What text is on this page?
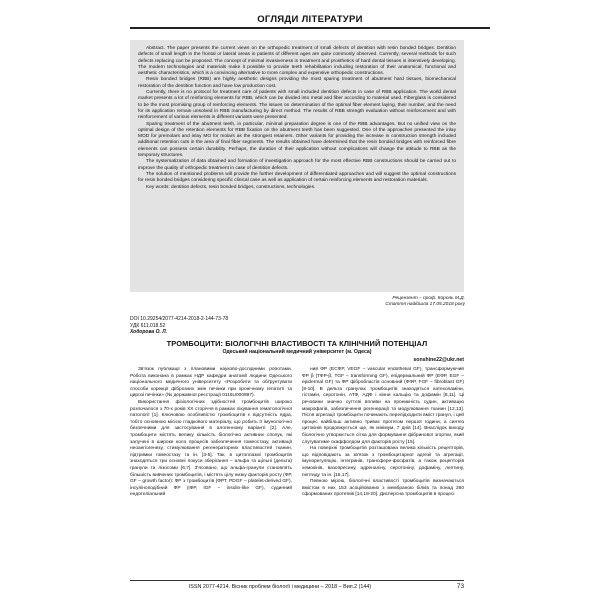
ОГЛЯДИ ЛІТЕРАТУРИ

Abstract. The paper presents the current views on the orthopedic treatment of small defects of dentition with resin bonded bridges. Dentition defects of small length in the frontal or lateral areas in patients of different ages are quite commonly observed. Currently, several methods for such defects replacing can be proposed. The concept of minimal invasiveness in treatment and prosthetics of hard dental tissues is intensively developing. The modern technologies and materials make it possible to provide teeth rehabilitation including restoration of their anatomical, functional and aesthetic characteristics, which is a convincing alternative to more complex and expensive orthopedic constructions.

Resin bonded bridges (RBB) are highly aesthetic designs providing the most sparing treatment of abutment hard tissues, biomechanical restoration of the dentition function and have low production cost.

Currently, there is no protocol for treatment care of patients with small included dentition defects in case of RBB application. The world dental market presents a lot of reinforcing elements for RBB, which can be divided into metal and fiber according to material used. Fiberglass is considered to be the most promising group of reinforcing elements. The issues on determination of the optimal fiber element laying, their number, and the need for its application remain unsolved in RBB manufacturing by direct method. The results of RBB strength evaluation without reinforcement and with reinforcement of various elements in different variants were presented.

Sparing treatment of the abutment teeth, in particular, minimal preparation degree is one of the RBB advantages. But no unified view on the optimal design of the retention elements for RBB fixation on the abutment teeth has been suggested. One of the approaches presented the inlay MOD for premolars and inlay MO for molars as the strongest retainers. Other variants for providing the increase in construction strength included additional retention cuts in the area of final fiber segments. The results obtained have determined that the resin bonded bridges with reinforced fibre elements can possess certain durability. Perhaps, the duration of their application without complications will change the attitude to RBB as the temporary structures.

The systematization of data obtained and formation of investigation approach for the most effective RBB constructions should be carried out to improve the quality of orthopedic treatment in case of dentition defects.

The solution of mentioned problems will provide the further development of differentiated approaches and will suggest the optimal constructions for resin bonded bridges considering specific clinical case as well as application of certain reinforcing elements and restoration materials.

Key words: dentition defects, resin bonded bridges, constructions, technologies.

Рецензент – проф. Король М.Д.
Стаття надійшла 17.05.2018 року
DOI 10.29254/2077-4214-2018-2-144-73-78
УДК 611.018.52
Ходорова О. Л.
ТРОМБОЦИТИ: БІОЛОГІЧНІ ВЛАСТИВОСТІ ТА КЛІНІЧНИЙ ПОТЕНЦІАЛ
Одеський національний медичний університет (м. Одеса)
sonshine22@ukr.net

Зв'язок публікації з плановими науково-дослідними роботами. Робота виконана в рамках НДР кафедри анатомії людини Одеського національного медичного університету «Розробити та обґрунтувати способи корекції фіброзних змін печінки при хронічному гепатиті та цирозі печінки» (№ державної реєстрації 0116U000897).

Використання фізіологічних здібностей тромбоцитів широко розпочалося з 70-х років XX сторіччя в рамках лікування гематологічної патології [1]. Ключовою особливістю тромбоцитів є відсутність ядра, тобто основною місією гладкового матеріалу, що робить її імунологічно безпечними для застосування в алогенному варіанті [2]. Але, тромбоцити містять велику кількість біологічно активних сполук, які залучені в широке коло процесів забезпечення гомеостазу, активації неоангіогенезу, стимулювання регенераторних властивостей тканин, підтримки гомеостазу та ін. [3-5]. Так, в цитоплазмі тромбоцитів знаходяться три основні локуси зберігання – альфа та щільні (дельта) гранули та лізосоми [6,7]. З'ясовано, що альфа-гранули становлять більшість вивчених тромбоцитів, і містять цілу низку факторів росту (ФР, GF – growth factor): ФР з тромбоцитів (ФРТ, PDGF – platelet-derived GF), інсуліноподібний ФР (ІФР, IGF – insulin-like GF), судинний ендотеліальний

ний ФР (ЕСФР, VEGF – vascular endothelial GF), трансформуючий ФР β (ТФР-β, TGF – transforming GF), епідермальний ФР (ЕФР, EGF – epidermal GF) та ФР фібробластів основний (ФФР, FGF – fibroblast GF) [8-10]. В дельта гранулах тромбоцитів знаходяться катехоламіни, гістамін, серотонін, АТФ, АДФ і кінни кальцію та дофамін [8,11]. Ці речовини значно суттєві впливи на проникність судин, активацію макрофагів, забезпечення регенерації та модулювання тканин [12,13]. Після агрегації тромбоцити починають перепідходити вміст гранул, і цей процес найбільш активно триває протягом першої години, а синтез цитокінів продовжується ще, як мінімум, 7 днів [14]. Внаслідок виходу біологічно утворюється сітка для формування фібринової згортки, який слугуватиме скаффолдом для факторів росту [15].

На поверхні тромбоцитів розташована велика кількість рецепторів, що відповідають за зв'язок з тромбоцитарної адгезії та агрегації, імунорегуляцію, інтегринів, трансфере-фосфатів, а також рецепторів хемокінів, вазопресину, адреналіну, серотоніну, дофаміну, лептину, пептиду та ін. [16,17].

Певною мірою, біологічні властивості тромбоцитів визначаються вмістом в них 153 асоційованих з мембраною білків та понад 260 сформованих протеїнів [14,18-20]. Дисперсна тромбоцитів в процесі

ISSN 2077-4214. Вісник проблем біології і медицини – 2018 – Вип.2 (144)	73
